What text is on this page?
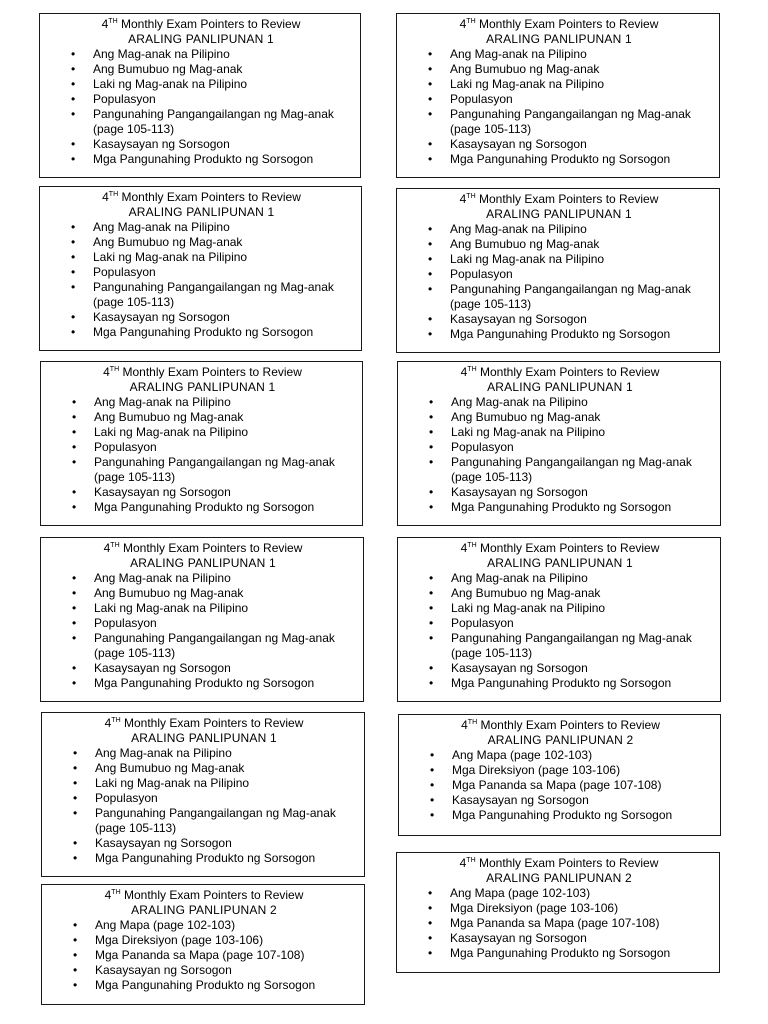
4TH Monthly Exam Pointers to Review

ARALING PANLIPUNAN 1

• Ang Mag-anak na Pilipino
• Ang Bumubuo ng Mag-anak
• Laki ng Mag-anak na Pilipino
• Populasyon
• Pangunahing Pangangailangan ng Mag-anak (page 105-113)
• Kasaysayan ng Sorsogon
• Mga Pangunahing Produkto ng Sorsogon

4TH Monthly Exam Pointers to Review

ARALING PANLIPUNAN 1

• Ang Mag-anak na Pilipino
• Ang Bumubuo ng Mag-anak
• Laki ng Mag-anak na Pilipino
• Populasyon
• Pangunahing Pangangailangan ng Mag-anak (page 105-113)
• Kasaysayan ng Sorsogon
• Mga Pangunahing Produkto ng Sorsogon

4TH Monthly Exam Pointers to Review

ARALING PANLIPUNAN 1

• Ang Mag-anak na Pilipino
• Ang Bumubuo ng Mag-anak
• Laki ng Mag-anak na Pilipino
• Populasyon
• Pangunahing Pangangailangan ng Mag-anak (page 105-113)
• Kasaysayan ng Sorsogon
• Mga Pangunahing Produkto ng Sorsogon

4TH Monthly Exam Pointers to Review

ARALING PANLIPUNAN 1

• Ang Mag-anak na Pilipino
• Ang Bumubuo ng Mag-anak
• Laki ng Mag-anak na Pilipino
• Populasyon
• Pangunahing Pangangailangan ng Mag-anak (page 105-113)
• Kasaysayan ng Sorsogon
• Mga Pangunahing Produkto ng Sorsogon

4TH Monthly Exam Pointers to Review

ARALING PANLIPUNAN 1

• Ang Mag-anak na Pilipino
• Ang Bumubuo ng Mag-anak
• Laki ng Mag-anak na Pilipino
• Populasyon
• Pangunahing Pangangailangan ng Mag-anak (page 105-113)
• Kasaysayan ng Sorsogon
• Mga Pangunahing Produkto ng Sorsogon

4TH Monthly Exam Pointers to Review

ARALING PANLIPUNAN 2

• Ang Mapa (page 102-103)
• Mga Direksiyon (page 103-106)
• Mga Pananda sa Mapa (page 107-108)
• Kasaysayan ng Sorsogon
• Mga Pangunahing Produkto ng Sorsogon

4TH Monthly Exam Pointers to Review

ARALING PANLIPUNAN 1

• Ang Mag-anak na Pilipino
• Ang Bumubuo ng Mag-anak
• Laki ng Mag-anak na Pilipino
• Populasyon
• Pangunahing Pangangailangan ng Mag-anak (page 105-113)
• Kasaysayan ng Sorsogon
• Mga Pangunahing Produkto ng Sorsogon

4TH Monthly Exam Pointers to Review

ARALING PANLIPUNAN 1

• Ang Mag-anak na Pilipino
• Ang Bumubuo ng Mag-anak
• Laki ng Mag-anak na Pilipino
• Populasyon
• Pangunahing Pangangailangan ng Mag-anak (page 105-113)
• Kasaysayan ng Sorsogon
• Mga Pangunahing Produkto ng Sorsogon

4TH Monthly Exam Pointers to Review

ARALING PANLIPUNAN 1

• Ang Mag-anak na Pilipino
• Ang Bumubuo ng Mag-anak
• Laki ng Mag-anak na Pilipino
• Populasyon
• Pangunahing Pangangailangan ng Mag-anak (page 105-113)
• Kasaysayan ng Sorsogon
• Mga Pangunahing Produkto ng Sorsogon

4TH Monthly Exam Pointers to Review

ARALING PANLIPUNAN 1

• Ang Mag-anak na Pilipino
• Ang Bumubuo ng Mag-anak
• Laki ng Mag-anak na Pilipino
• Populasyon
• Pangunahing Pangangailangan ng Mag-anak (page 105-113)
• Kasaysayan ng Sorsogon
• Mga Pangunahing Produkto ng Sorsogon

4TH Monthly Exam Pointers to Review

ARALING PANLIPUNAN 2

• Ang Mapa (page 102-103)
• Mga Direksiyon (page 103-106)
• Mga Pananda sa Mapa (page 107-108)
• Kasaysayan ng Sorsogon
• Mga Pangunahing Produkto ng Sorsogon

4TH Monthly Exam Pointers to Review

ARALING PANLIPUNAN 2

• Ang Mapa (page 102-103)
• Mga Direksiyon (page 103-106)
• Mga Pananda sa Mapa (page 107-108)
• Kasaysayan ng Sorsogon
• Mga Pangunahing Produkto ng Sorsogon
